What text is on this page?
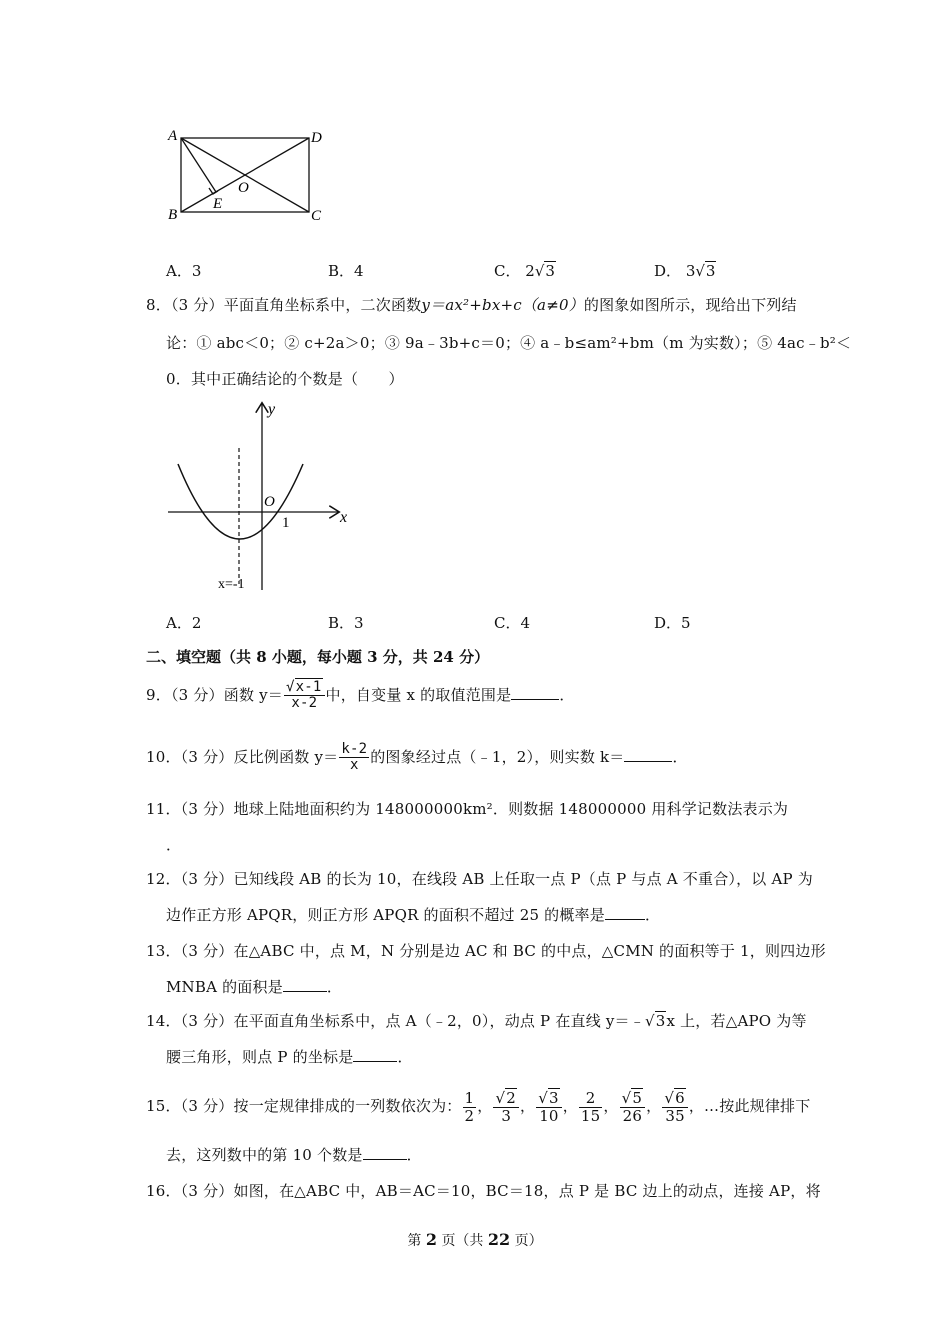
A	D
B	C
O
E
A．3	B．4	C． 2√3	D． 3√3
8．（3 分）平面直角坐标系中，二次函数y＝ax²+bx+c（a≠0）的图象如图所示，现给出下列结
论：① abc＜0；② c+2a＞0；③ 9a﹣3b+c＝0；④ a﹣b≤am²+bm（m 为实数）；⑤ 4ac﹣b²＜
0．其中正确结论的个数是（　　）
y
x
O
1
x=-1
A．2	B．3	C．4	D．5
二、填空题（共 8 小题，每小题 3 分，共 24 分）
9．（3 分）函数 $y= \frac{√x-1}{x-2}$ 中，自变量 x 的取值范围是	．
10．（3 分）反比例函数 $y= \frac{k-2}{x}$ 的图象经过点（﹣1，2），则实数 k＝	．
11．（3 分）地球上陆地面积约为 148000000km²．则数据 148000000 用科学记数法表示为
．
12．（3 分）已知线段 AB 的长为 10，在线段 AB 上任取一点 P（点 P 与点 A 不重合），以 AP 为
边作正方形 APQR，则正方形 APQR 的面积不超过 25 的概率是	．
13．（3 分）在△ABC 中，点 M，N 分别是边 AC 和 BC 的中点，△CMN 的面积等于 1，则四边形
MNBA 的面积是	．
14．（3 分）在平面直角坐标系中，点 A（﹣2，0），动点 P 在直线 y＝﹣√3x 上，若△APO 为等
腰三角形，则点 P 的坐标是	．
15．（3 分）按一定规律排成的一列数依次为： $\frac{1}{2}$ ， $\frac{√2}{3}$ ， $\frac{√3}{10}$ ， $\frac{2}{15}$ ， $\frac{√5}{26}$ ， $\frac{√6}{35}$ ，…按此规律排下
去，这列数中的第 10 个数是	．
16．（3 分）如图，在△ABC 中，AB＝AC＝10，BC＝18，点 P 是 BC 边上的动点，连接 AP，将
第 2 页（共 22 页）
